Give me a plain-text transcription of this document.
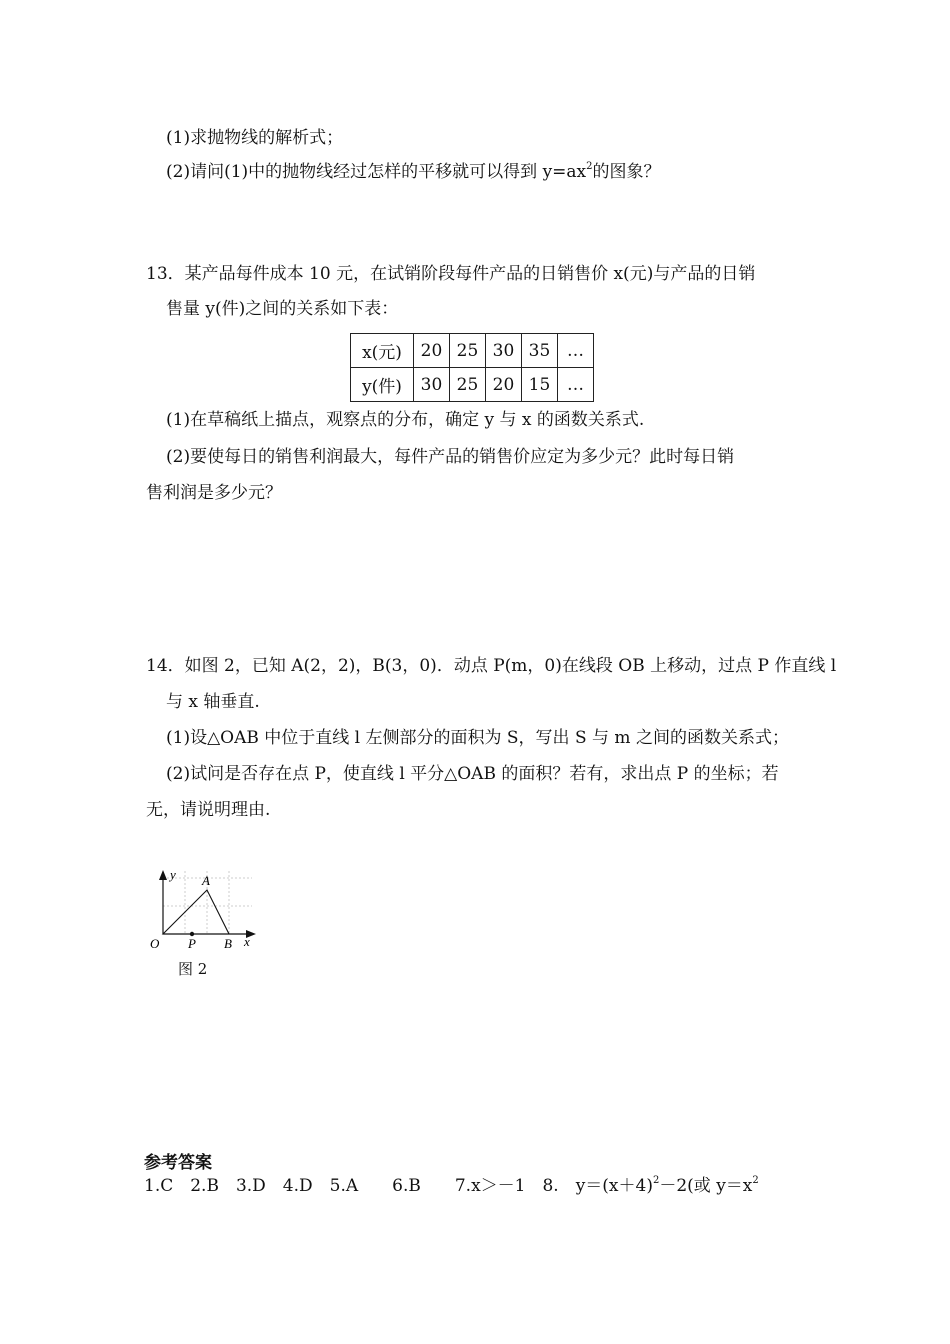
(1)求抛物线的解析式；
(2)请问(1)中的抛物线经过怎样的平移就可以得到 $y=ax^2$的图象？
13．某产品每件成本 10 元，在试销阶段每件产品的日销售价 x(元)与产品的日销
售量 y(件)之间的关系如下表：
x(元)	20	25	30	35	…
y(件)	30	25	20	15	…
(1)在草稿纸上描点，观察点的分布，确定 y 与 x 的函数关系式.
(2)要使每日的销售利润最大，每件产品的销售价应定为多少元？此时每日销
售利润是多少元？
14．如图 2，已知 A(2，2)，B(3，0)．动点 P(m，0)在线段 OB 上移动，过点 P 作直线 l
与 x 轴垂直.
(1)设△OAB 中位于直线 l 左侧部分的面积为 S，写出 S 与 m 之间的函数关系式；
(2)试问是否存在点 P，使直线 l 平分△OAB 的面积？若有，求出点 P 的坐标；若
无，请说明理由.
y A
O P B x
图 2
参考答案
1.C　2.B　3.D　4.D　5.A　　6.B　　7.x＞－1　8.　$y=(x+4)^2-2$(或 $y=x^2$
